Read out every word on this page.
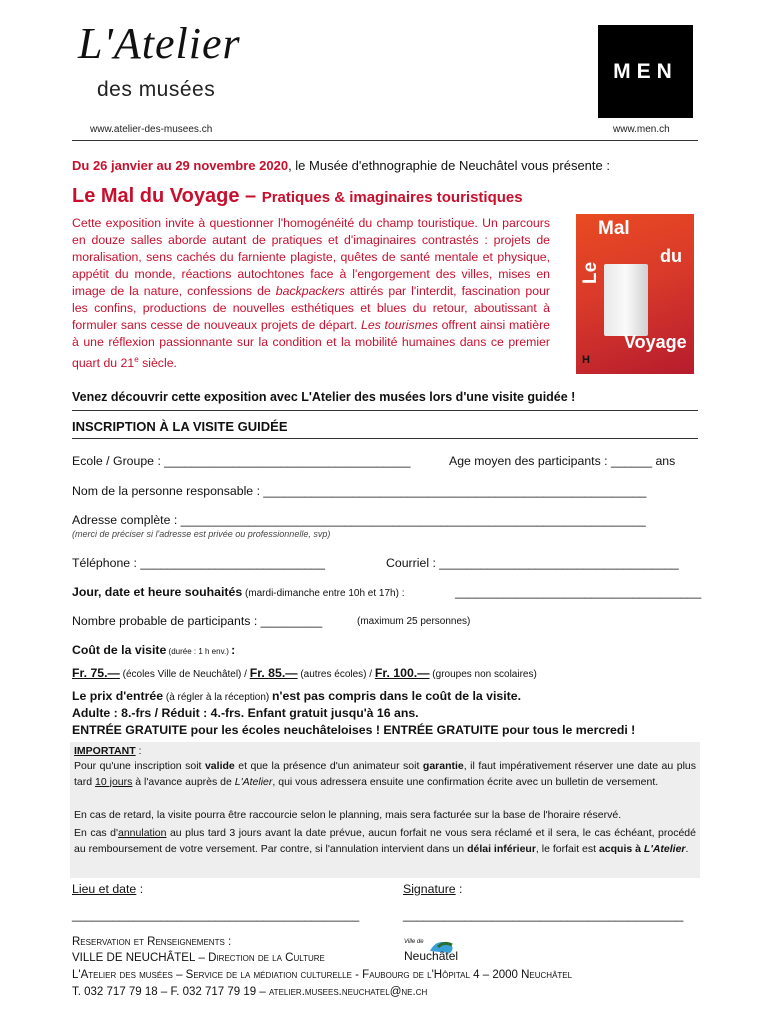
L'Atelier
des musées
www.atelier-des-musees.ch
MEN
www.men.ch
Du 26 janvier au 29 novembre 2020, le Musée d'ethnographie de Neuchâtel vous présente :
Le Mal du Voyage – Pratiques & imaginaires touristiques
Cette exposition invite à questionner l'homogénéité du champ touristique. Un parcours en douze salles aborde autant de pratiques et d'imaginaires contrastés : projets de moralisation, sens cachés du farniente plagiste, quêtes de santé mentale et physique, appétit du monde, réactions autochtones face à l'engorgement des villes, mises en image de la nature, confessions de backpackers attirés par l'interdit, fascination pour les confins, productions de nouvelles esthétiques et blues du retour, aboutissant à formuler sans cesse de nouveaux projets de départ. Les tourismes offrent ainsi matière à une réflexion passionnante sur la condition et la mobilité humaines dans ce premier quart du 21e siècle.
Le
Mal
du
Voyage
H
Venez découvrir cette exposition avec L'Atelier des musées lors d'une visite guidée !
INSCRIPTION À LA VISITE GUIDÉE
Ecole / Groupe : ____________________________________	Age moyen des participants : ______ ans
Nom de la personne responsable : ________________________________________________________
Adresse complète : ____________________________________________________________________
(merci de préciser si l'adresse est privée ou professionnelle, svp)
Téléphone : ___________________________	Courriel : ___________________________________
Jour, date et heure souhaités (mardi-dimanche entre 10h et 17h) :	____________________________________
Nombre probable de participants : _________	(maximum 25 personnes)
Coût de la visite (durée : 1 h env.) :
Fr. 75.— (écoles Ville de Neuchâtel) / Fr. 85.— (autres écoles) / Fr. 100.— (groupes non scolaires)
Le prix d'entrée (à régler à la réception) n'est pas compris dans le coût de la visite.
Adulte : 8.-frs / Réduit : 4.-frs. Enfant gratuit jusqu'à 16 ans.
ENTRÉE GRATUITE pour les écoles neuchâteloises ! ENTRÉE GRATUITE pour tous le mercredi !
IMPORTANT :
Pour qu'une inscription soit valide et que la présence d'un animateur soit garantie, il faut impérativement réserver une date au plus tard 10 jours à l'avance auprès de L'Atelier, qui vous adressera ensuite une confirmation écrite avec un bulletin de versement.
En cas de retard, la visite pourra être raccourcie selon le planning, mais sera facturée sur la base de l'horaire réservé.
En cas d'annulation au plus tard 3 jours avant la date prévue, aucun forfait ne vous sera réclamé et il sera, le cas échéant, procédé au remboursement de votre versement. Par contre, si l'annulation intervient dans un délai inférieur, le forfait est acquis à L'Atelier.
Lieu et date :	Signature :
__________________________________________	_________________________________________
Reservation et Renseignements :
VILLE DE NEUCHÂTEL – Direction de la Culture
L'Atelier des musées – Service de la médiation culturelle - Faubourg de l'Hôpital 4 – 2000 Neuchâtel
T. 032 717 79 18 – F. 032 717 79 19 – atelier.musees.neuchatel@ne.ch
Ville de
Neuchâtel
